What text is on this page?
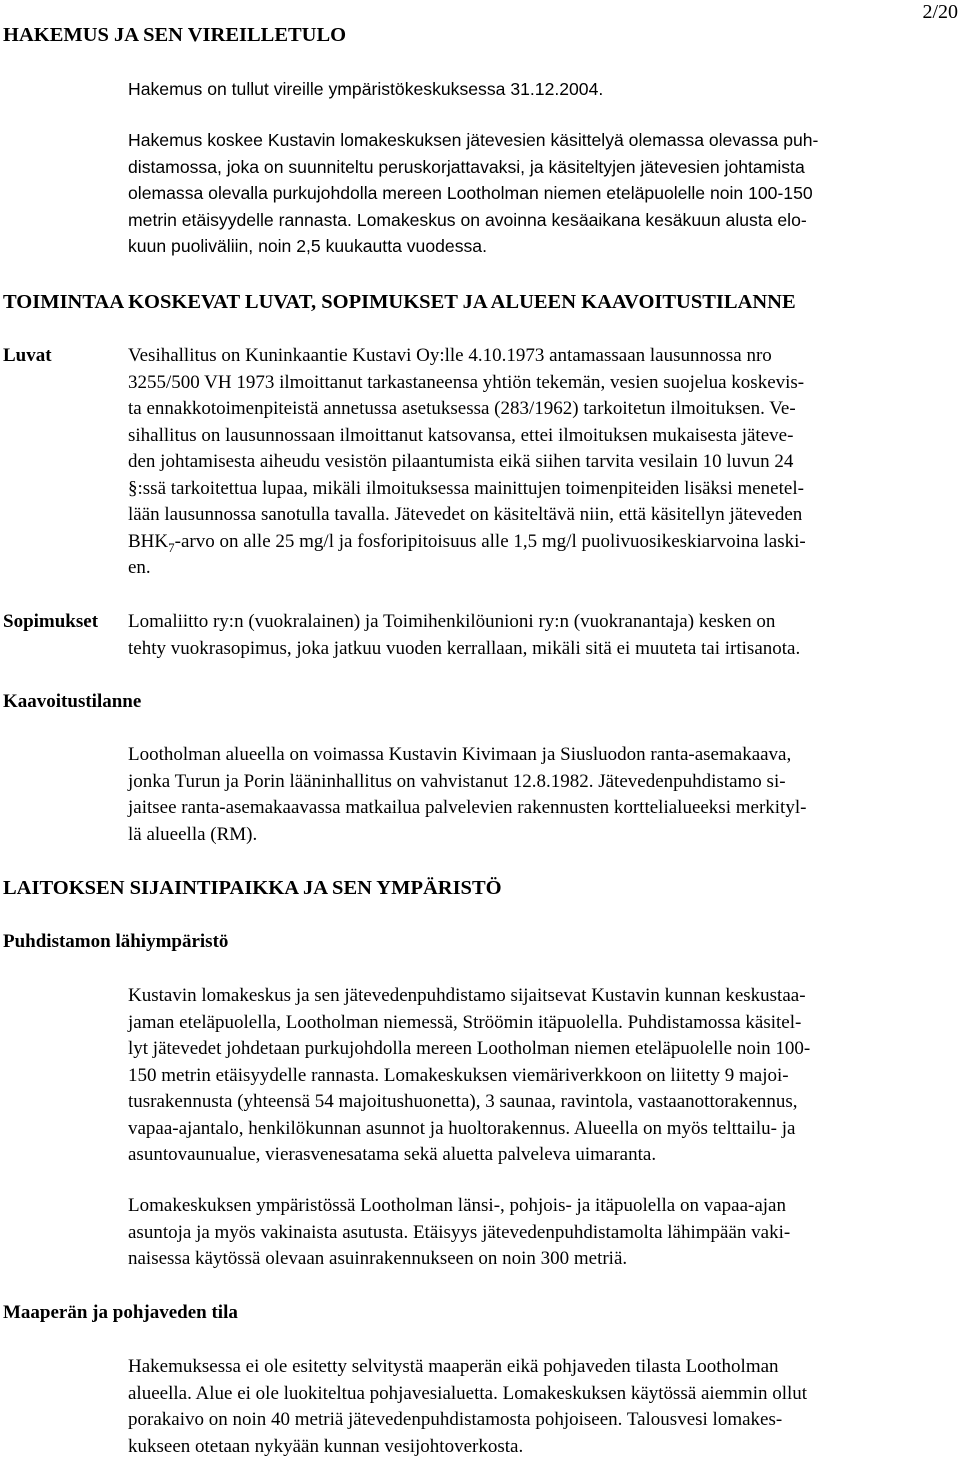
HAKEMUS JA SEN VIREILLETULO
2/20

Hakemus on tullut vireille ympäristökeskuksessa 31.12.2004.

Hakemus koskee Kustavin lomakeskuksen jätevesien käsittelyä olemassa olevassa puh-
distamossa, joka on suunniteltu peruskorjattavaksi, ja käsiteltyjen jätevesien johtamista
olemassa olevalla purkujohdolla mereen Lootholman niemen eteläpuolelle noin 100-150
metrin etäisyydelle rannasta. Lomakeskus on avoinna kesäaikana kesäkuun alusta elo-
kuun puoliväliin, noin 2,5 kuukautta vuodessa.

TOIMINTAA KOSKEVAT LUVAT, SOPIMUKSET JA ALUEEN KAAVOITUSTILANNE
Luvat	Vesihallitus on Kuninkaantie Kustavi Oy:lle 4.10.1973 antamassaan lausunnossa nro
3255/500 VH 1973 ilmoittanut tarkastaneensa yhtiön tekemän, vesien suojelua koskevis-
ta ennakkotoimenpiteistä annetussa asetuksessa (283/1962) tarkoitetun ilmoituksen. Ve-
sihallitus on lausunnossaan ilmoittanut katsovansa, ettei ilmoituksen mukaisesta jäteve-
den johtamisesta aiheudu vesistön pilaantumista eikä siihen tarvita vesilain 10 luvun 24
§:ssä tarkoitettua lupaa, mikäli ilmoituksessa mainittujen toimenpiteiden lisäksi menetel-
lään lausunnossa sanotulla tavalla. Jätevedet on käsiteltävä niin, että käsitellyn jäteveden
$BHK_7$-arvo on alle 25 mg/l ja fosforipitoisuus alle 1,5 mg/l puolivuosikeskiarvoina laski-
en.

Sopimukset Lomaliitto ry:n (vuokralainen) ja Toimihenkilöunioni ry:n (vuokranantaja) kesken on
tehty vuokrasopimus, joka jatkuu vuoden kerrallaan, mikäli sitä ei muuteta tai irtisanota.

Kaavoitustilanne

Lootholman alueella on voimassa Kustavin Kivimaan ja Siusluodon ranta-asemakaava,
jonka Turun ja Porin lääninhallitus on vahvistanut 12.8.1982. Jätevedenpuhdistamo si-
jaitsee ranta-asemakaavassa matkailua palvelevien rakennusten korttelialueeksi merkityl-
lä alueella (RM).

LAITOKSEN SIJAINTIPAIKKA JA SEN YMPÄRISTÖ
Puhdistamon lähiympäristö

Kustavin lomakeskus ja sen jätevedenpuhdistamo sijaitsevat Kustavin kunnan keskustaa-
jaman eteläpuolella, Lootholman niemessä, Ströömin itäpuolella. Puhdistamossa käsitel-
lyt jätevedet johdetaan purkujohdolla mereen Lootholman niemen eteläpuolelle noin 100-
150 metrin etäisyydelle rannasta. Lomakeskuksen viemäriverkkoon on liitetty 9 majoi-
tusrakennusta (yhteensä 54 majoitushuonetta), 3 saunaa, ravintola, vastaanottorakennus,
vapaa-ajantalo, henkilökunnan asunnot ja huoltorakennus. Alueella on myös telttailu- ja
asuntovaunualue, vierasvenesatama sekä aluetta palveleva uimaranta.

Lomakeskuksen ympäristössä Lootholman länsi-, pohjois- ja itäpuolella on vapaa-ajan
asuntoja ja myös vakinaista asutusta. Etäisyys jätevedenpuhdistamolta lähimpään vaki-
naisessa käytössä olevaan asuinrakennukseen on noin 300 metriä.

Maaperän ja pohjaveden tila

Hakemuksessa ei ole esitetty selvitystä maaperän eikä pohjaveden tilasta Lootholman
alueella. Alue ei ole luokiteltua pohjavesialuetta. Lomakeskuksen käytössä aiemmin ollut
porakaivo on noin 40 metriä jätevedenpuhdistamosta pohjoiseen. Talousvesi lomakes-
kukseen otetaan nykyään kunnan vesijohtoverkosta.
